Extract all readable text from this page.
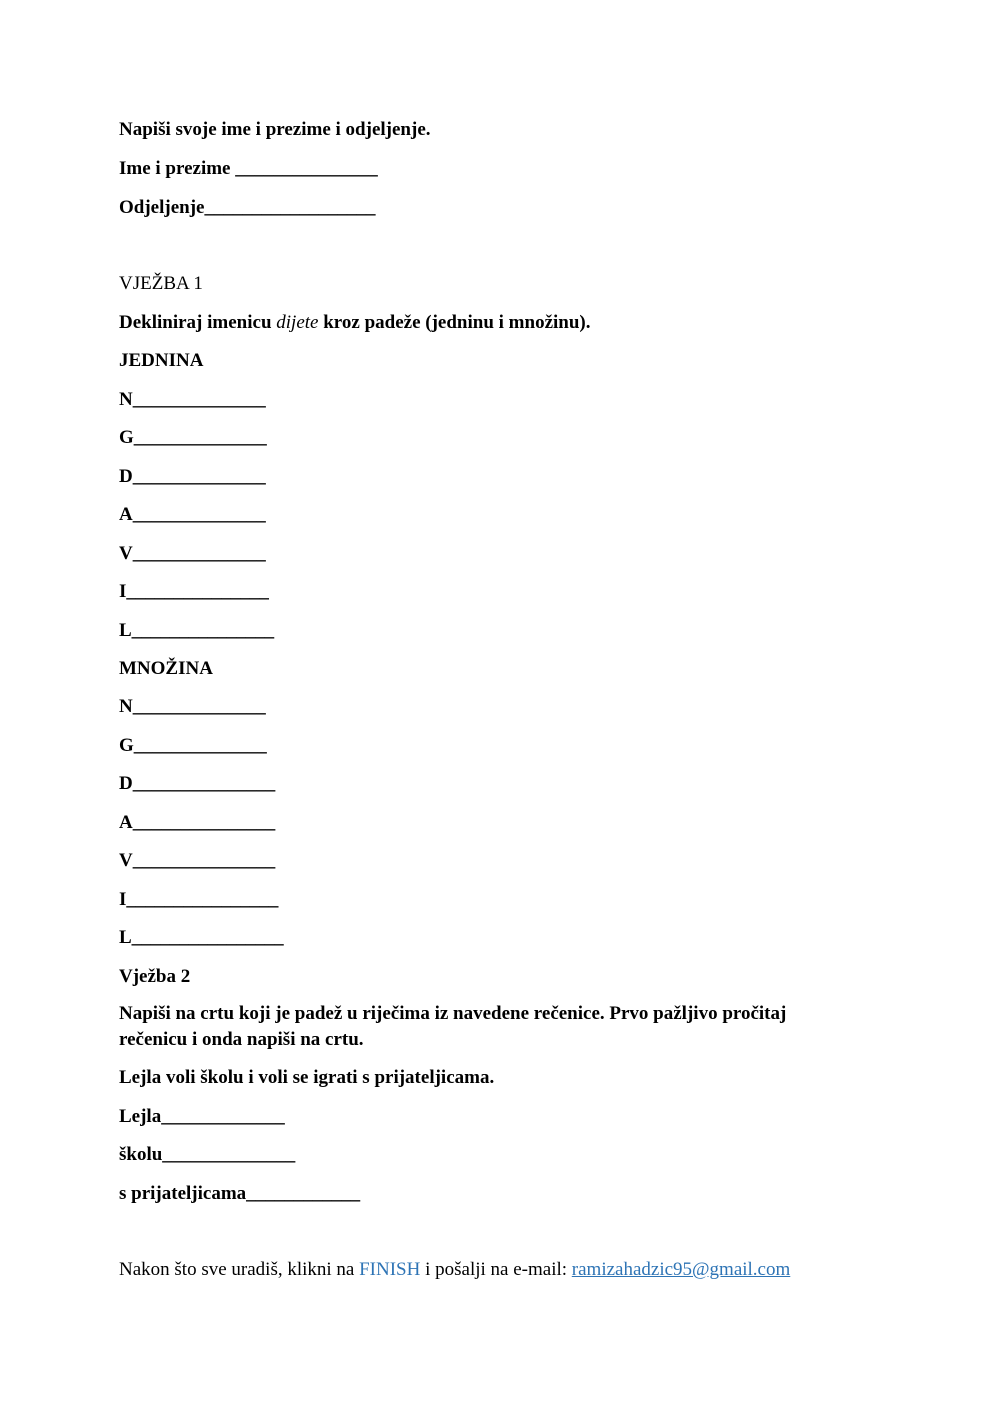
Napiši svoje ime i prezime i odjeljenje.

Ime i prezime _______________

Odjeljenje__________________

VJEŽBA 1

Dekliniraj imenicu dijete kroz padeže (jedninu i množinu).

JEDNINA

N______________

G______________

D______________

A______________

V______________

I_______________

L_______________

MNOŽINA

N______________

G______________

D_______________

A_______________

V_______________

I________________

L________________

Vježba 2

Napiši na crtu koji je padež u riječima iz navedene rečenice. Prvo pažljivo pročitaj rečenicu i onda napiši na crtu.

Lejla voli školu i voli se igrati s prijateljicama.

Lejla_____________

školu______________

s prijateljicama____________

Nakon što sve uradiš, klikni na FINISH i pošalji na e-mail: ramizahadzic95@gmail.com
